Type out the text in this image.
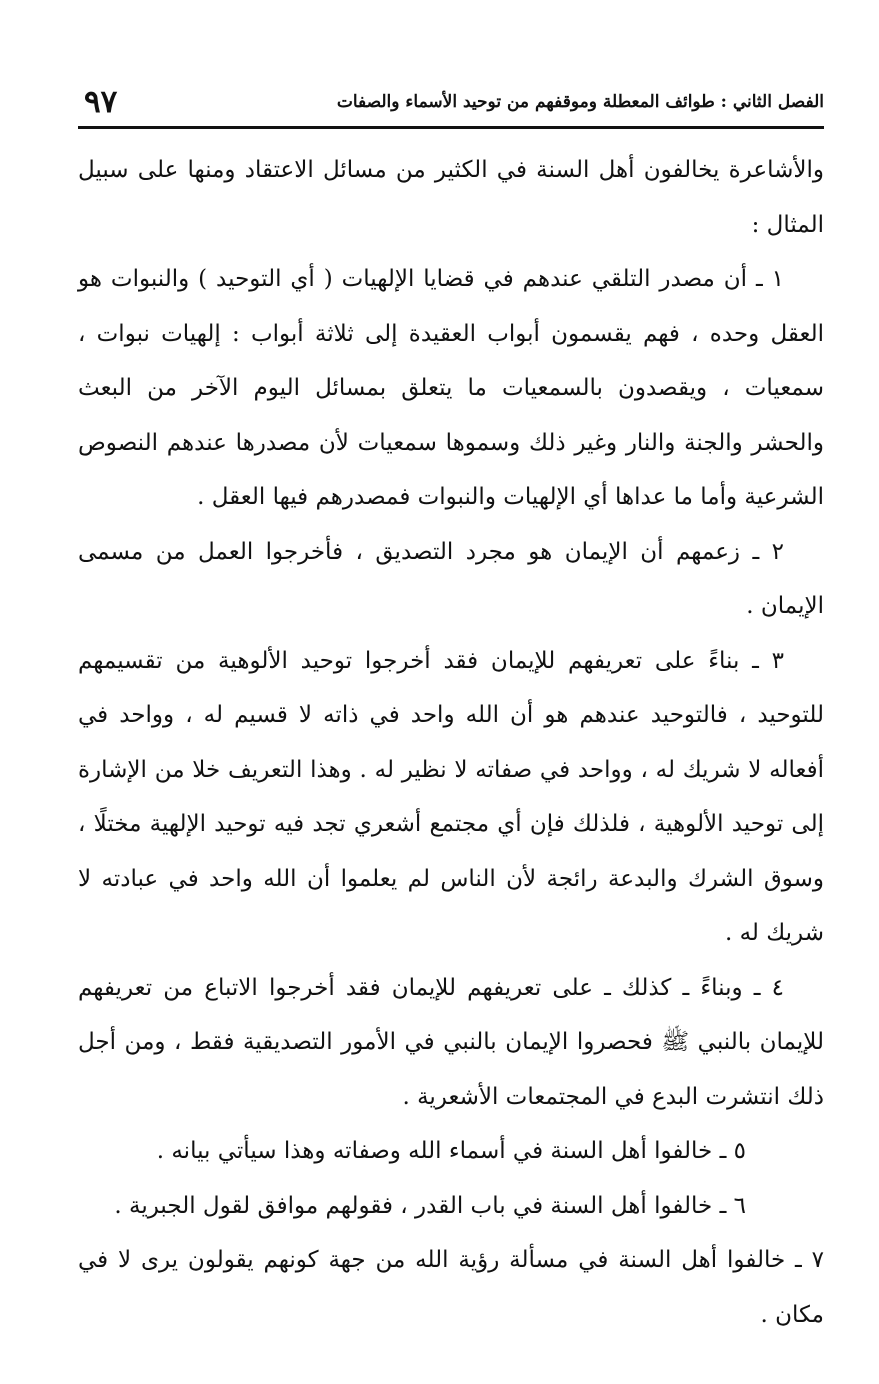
الفصل الثاني : طوائف المعطلة وموقفهم من توحيد الأسماء والصفات
٩٧

والأشاعرة يخالفون أهل السنة في الكثير من مسائل الاعتقاد ومنها على سبيل المثال :

١ ـ أن مصدر التلقي عندهم في قضايا الإلهيات ( أي التوحيد ) والنبوات هو العقل وحده ، فهم يقسمون أبواب العقيدة إلى ثلاثة أبواب : إلهيات نبوات ، سمعيات ، ويقصدون بالسمعيات ما يتعلق بمسائل اليوم الآخر من البعث والحشر والجنة والنار وغير ذلك وسموها سمعيات لأن مصدرها عندهم النصوص الشرعية وأما ما عداها أي الإلهيات والنبوات فمصدرهم فيها العقل .

٢ ـ زعمهم أن الإيمان هو مجرد التصديق ، فأخرجوا العمل من مسمى الإيمان .

٣ ـ بناءً على تعريفهم للإيمان فقد أخرجوا توحيد الألوهية من تقسيمهم للتوحيد ، فالتوحيد عندهم هو أن الله واحد في ذاته لا قسيم له ، وواحد في أفعاله لا شريك له ، وواحد في صفاته لا نظير له . وهذا التعريف خلا من الإشارة إلى توحيد الألوهية ، فلذلك فإن أي مجتمع أشعري تجد فيه توحيد الإلهية مختلًا ، وسوق الشرك والبدعة رائجة لأن الناس لم يعلموا أن الله واحد في عبادته لا شريك له .

٤ ـ وبناءً ـ كذلك ـ على تعريفهم للإيمان فقد أخرجوا الاتباع من تعريفهم للإيمان بالنبي ﷺ فحصروا الإيمان بالنبي في الأمور التصديقية فقط ، ومن أجل ذلك انتشرت البدع في المجتمعات الأشعرية .

٥ ـ خالفوا أهل السنة في أسماء الله وصفاته وهذا سيأتي بيانه .

٦ ـ خالفوا أهل السنة في باب القدر ، فقولهم موافق لقول الجبرية .

٧ ـ خالفوا أهل السنة في مسألة رؤية الله من جهة كونهم يقولون يرى لا في مكان .
